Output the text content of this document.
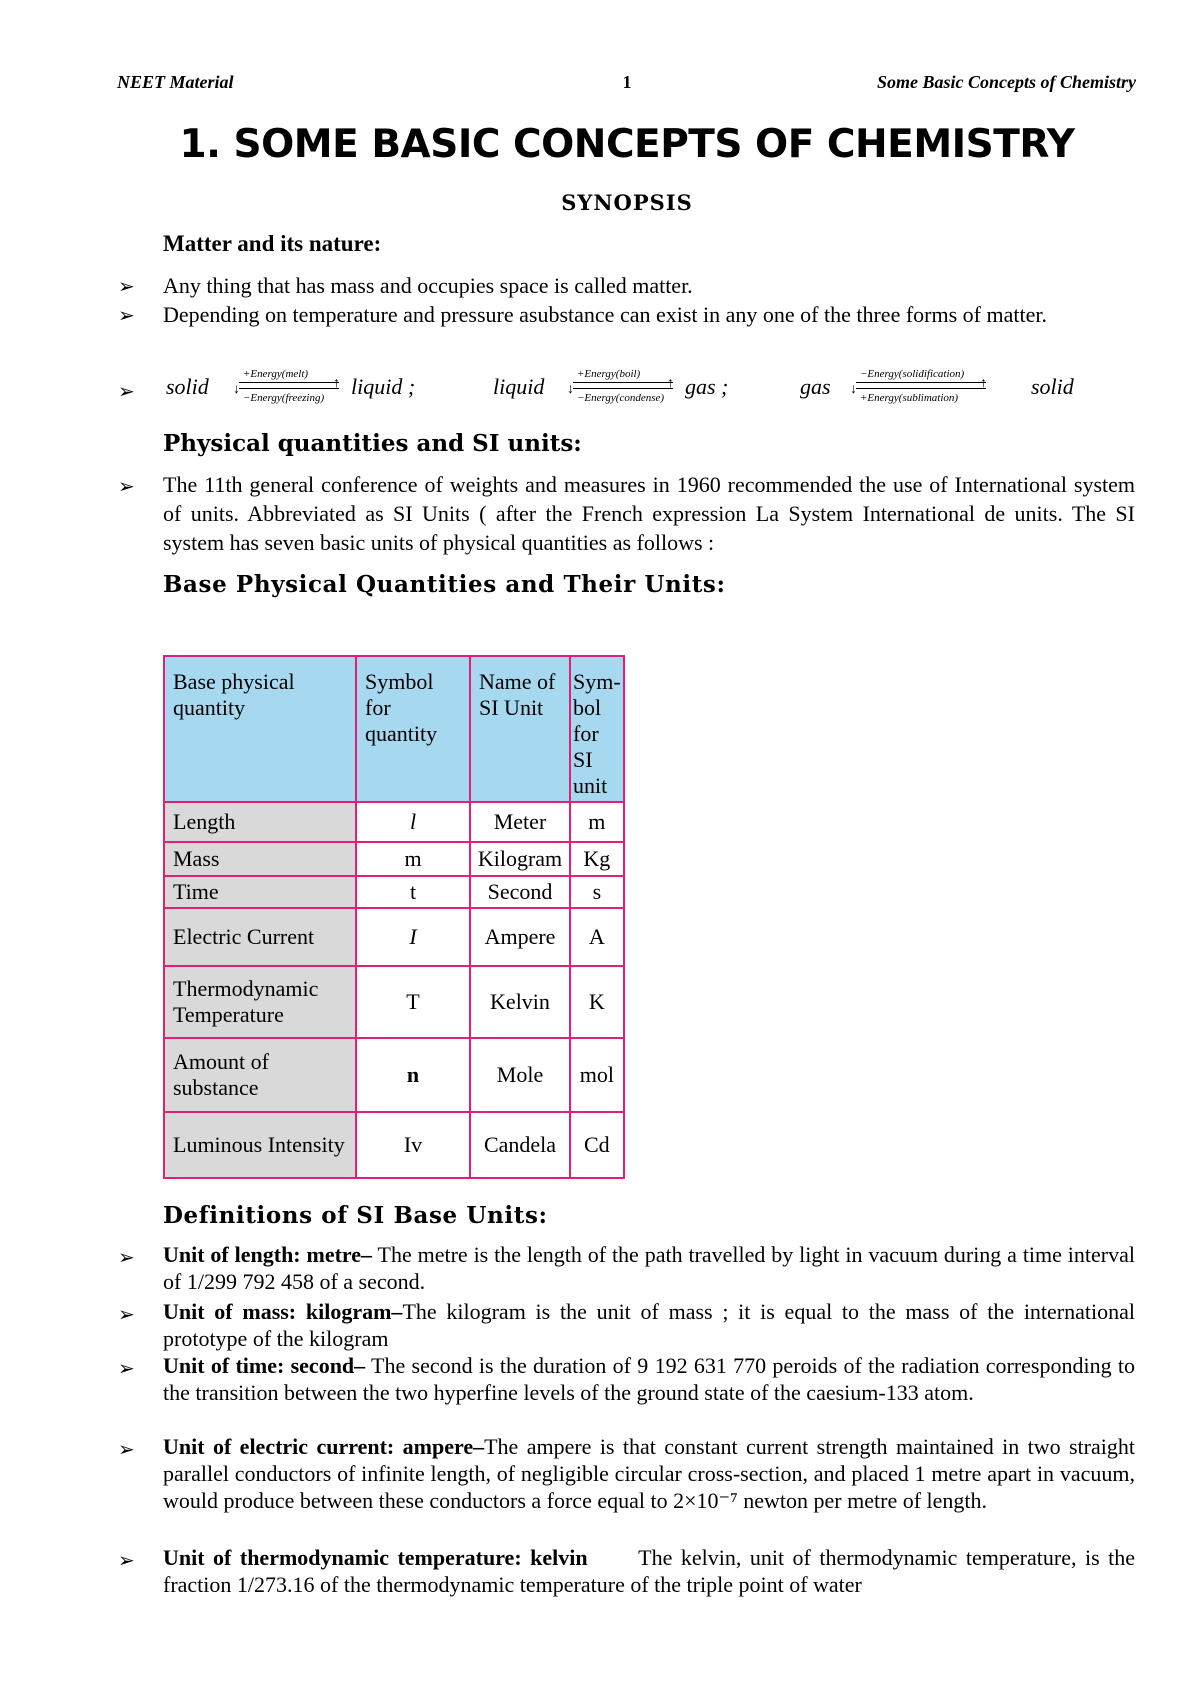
NEET Material	1	Some Basic Concepts of Chemistry
1. SOME BASIC CONCEPTS OF CHEMISTRY
SYNOPSIS
Matter and its nature:
➢ Any thing that has mass and occupies space is called matter.
➢ Depending on temperature and pressure asubstance can exist in any one of the three forms of matter.
➢ solid	+Energy(melt)
↑
↓
−Energy(freezing) liquid ;	liquid	+Energy(boil)
↑
↓
−Energy(condense) gas ;	gas	−Energy(solidification)
↑
↓
+Energy(sublimation)	solid
Physical quantities and SI units:
➢ The 11th general conference of weights and measures in 1960 recommended the use of International system of units. Abbreviated as SI Units ( after the French expression La System International de units. The SI system has seven basic units of physical quantities as follows :
Base Physical Quantities and Their Units:
Base physical quantity	Symbol for quantity	Name of SI Unit	Sym-bol for SI unit
Length	l	Meter	m
Mass	m	Kilogram	Kg
Time	t	Second	s
Electric Current	I	Ampere	A
Thermodynamic Temperature	T	Kelvin	K
Amount of substance	n	Mole	mol
Luminous Intensity	Iv	Candela	Cd
Definitions of SI Base Units:
➢ Unit of length: metre– The metre is the length of the path travelled by light in vacuum during a time interval of 1/299 792 458 of a second.
➢ Unit of mass: kilogram–The kilogram is the unit of mass ; it is equal to the mass of the international prototype of the kilogram
➢ Unit of time: second– The second is the duration of 9 192 631 770 peroids of the radiation corresponding to the transition between the two hyperfine levels of the ground state of the caesium-133 atom.
➢ Unit of electric current: ampere–The ampere is that constant current strength maintained in two straight parallel conductors of infinite length, of negligible circular cross-section, and placed 1 metre apart in vacuum, would produce between these conductors a force equal to 2×10⁻⁷ newton per metre of length.
➢ Unit of thermodynamic temperature: kelvin      The kelvin, unit of thermodynamic temperature, is the fraction 1/273.16 of the thermodynamic temperature of the triple point of water
